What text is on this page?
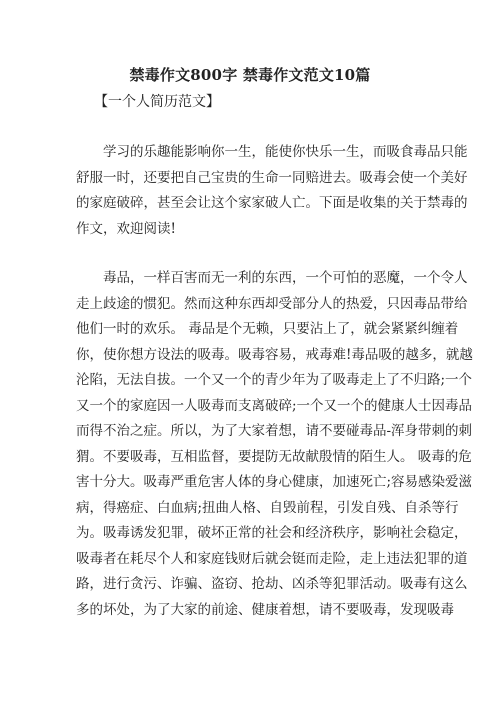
禁毒作文800字 禁毒作文范文10篇
【一个人简历范文】
学习的乐趣能影响你一生，能使你快乐一生，而吸食毒品只能
舒服一时，还要把自己宝贵的生命一同赔进去。吸毒会使一个美好
的家庭破碎，甚至会让这个家家破人亡。下面是收集的关于禁毒的
作文，欢迎阅读!
毒品，一样百害而无一利的东西，一个可怕的恶魔，一个令人
走上歧途的惯犯。然而这种东西却受部分人的热爱，只因毒品带给
他们一时的欢乐。 毒品是个无赖，只要沾上了，就会紧紧纠缠着
你，使你想方设法的吸毒。吸毒容易，戒毒难!毒品吸的越多，就越
沦陷，无法自拔。一个又一个的青少年为了吸毒走上了不归路;一个
又一个的家庭因一人吸毒而支离破碎;一个又一个的健康人士因毒品
而得不治之症。所以，为了大家着想，请不要碰毒品-浑身带刺的刺
猬。不要吸毒，互相监督，要提防无故献殷情的陌生人。 吸毒的危
害十分大。吸毒严重危害人体的身心健康，加速死亡;容易感染爱滋
病，得癌症、白血病;扭曲人格、自毁前程，引发自残、自杀等行
为。吸毒诱发犯罪，破坏正常的社会和经济秩序，影响社会稳定，
吸毒者在耗尽个人和家庭钱财后就会铤而走险，走上违法犯罪的道
路，进行贪污、诈骗、盗窃、抢劫、凶杀等犯罪活动。吸毒有这么
多的坏处，为了大家的前途、健康着想，请不要吸毒，发现吸毒
